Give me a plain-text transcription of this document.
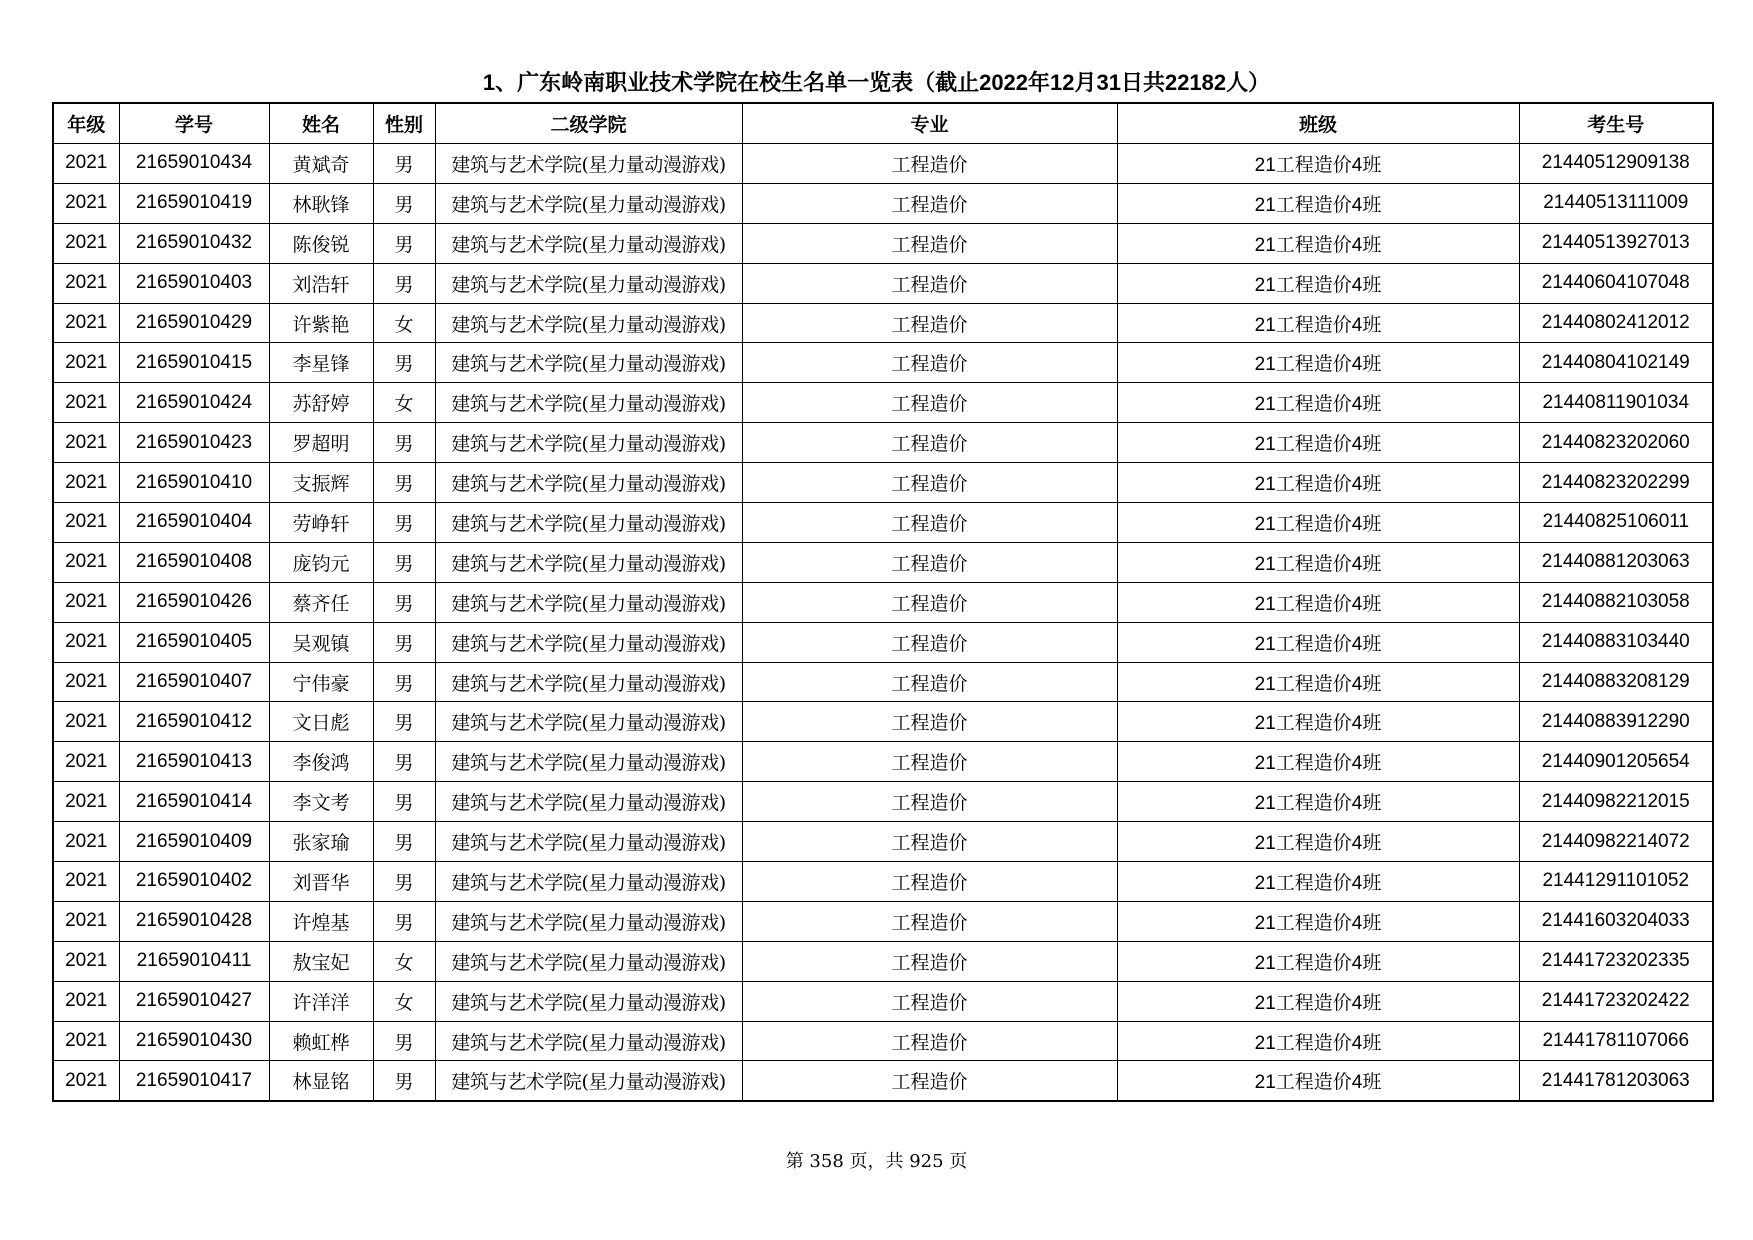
1、广东岭南职业技术学院在校生名单一览表（截止2022年12月31日共22182人）
年级	学号	姓名	性别	二级学院	专业	班级	考生号
2021	21659010434	黄斌奇	男	建筑与艺术学院(星力量动漫游戏)	工程造价	21工程造价4班	21440512909138
2021	21659010419	林耿锋	男	建筑与艺术学院(星力量动漫游戏)	工程造价	21工程造价4班	21440513111009
2021	21659010432	陈俊锐	男	建筑与艺术学院(星力量动漫游戏)	工程造价	21工程造价4班	21440513927013
2021	21659010403	刘浩轩	男	建筑与艺术学院(星力量动漫游戏)	工程造价	21工程造价4班	21440604107048
2021	21659010429	许紫艳	女	建筑与艺术学院(星力量动漫游戏)	工程造价	21工程造价4班	21440802412012
2021	21659010415	李星锋	男	建筑与艺术学院(星力量动漫游戏)	工程造价	21工程造价4班	21440804102149
2021	21659010424	苏舒婷	女	建筑与艺术学院(星力量动漫游戏)	工程造价	21工程造价4班	21440811901034
2021	21659010423	罗超明	男	建筑与艺术学院(星力量动漫游戏)	工程造价	21工程造价4班	21440823202060
2021	21659010410	支振辉	男	建筑与艺术学院(星力量动漫游戏)	工程造价	21工程造价4班	21440823202299
2021	21659010404	劳峥轩	男	建筑与艺术学院(星力量动漫游戏)	工程造价	21工程造价4班	21440825106011
2021	21659010408	庞钧元	男	建筑与艺术学院(星力量动漫游戏)	工程造价	21工程造价4班	21440881203063
2021	21659010426	蔡齐任	男	建筑与艺术学院(星力量动漫游戏)	工程造价	21工程造价4班	21440882103058
2021	21659010405	吴观镇	男	建筑与艺术学院(星力量动漫游戏)	工程造价	21工程造价4班	21440883103440
2021	21659010407	宁伟豪	男	建筑与艺术学院(星力量动漫游戏)	工程造价	21工程造价4班	21440883208129
2021	21659010412	文日彪	男	建筑与艺术学院(星力量动漫游戏)	工程造价	21工程造价4班	21440883912290
2021	21659010413	李俊鸿	男	建筑与艺术学院(星力量动漫游戏)	工程造价	21工程造价4班	21440901205654
2021	21659010414	李文考	男	建筑与艺术学院(星力量动漫游戏)	工程造价	21工程造价4班	21440982212015
2021	21659010409	张家瑜	男	建筑与艺术学院(星力量动漫游戏)	工程造价	21工程造价4班	21440982214072
2021	21659010402	刘晋华	男	建筑与艺术学院(星力量动漫游戏)	工程造价	21工程造价4班	21441291101052
2021	21659010428	许煌基	男	建筑与艺术学院(星力量动漫游戏)	工程造价	21工程造价4班	21441603204033
2021	21659010411	敖宝妃	女	建筑与艺术学院(星力量动漫游戏)	工程造价	21工程造价4班	21441723202335
2021	21659010427	许洋洋	女	建筑与艺术学院(星力量动漫游戏)	工程造价	21工程造价4班	21441723202422
2021	21659010430	赖虹桦	男	建筑与艺术学院(星力量动漫游戏)	工程造价	21工程造价4班	21441781107066
2021	21659010417	林显铭	男	建筑与艺术学院(星力量动漫游戏)	工程造价	21工程造价4班	21441781203063
第 358 页，共 925 页
